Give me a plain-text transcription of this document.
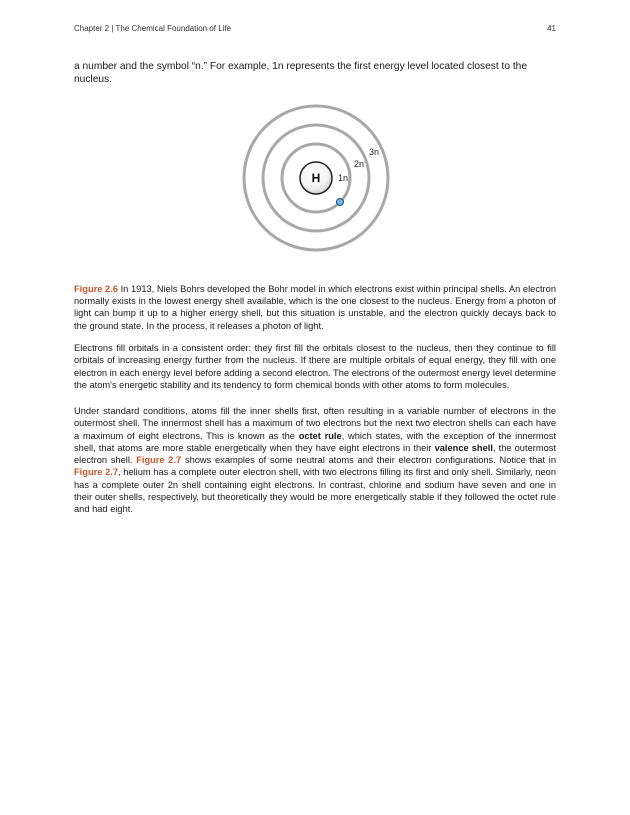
Chapter 2 | The Chemical Foundation of Life	41
a number and the symbol “n.” For example, 1n represents the first energy level located closest to the nucleus.
H 1n
2n
3n
Figure 2.6 In 1913, Niels Bohrs developed the Bohr model in which electrons exist within principal shells. An electron normally exists in the lowest energy shell available, which is the one closest to the nucleus. Energy from a photon of light can bump it up to a higher energy shell, but this situation is unstable, and the electron quickly decays back to the ground state. In the process, it releases a photon of light.

Electrons fill orbitals in a consistent order: they first fill the orbitals closest to the nucleus, then they continue to fill orbitals of increasing energy further from the nucleus. If there are multiple orbitals of equal energy, they fill with one electron in each energy level before adding a second electron. The electrons of the outermost energy level determine the atom's energetic stability and its tendency to form chemical bonds with other atoms to form molecules.

Under standard conditions, atoms fill the inner shells first, often resulting in a variable number of electrons in the outermost shell. The innermost shell has a maximum of two electrons but the next two electron shells can each have a maximum of eight electrons. This is known as the octet rule, which states, with the exception of the innermost shell, that atoms are more stable energetically when they have eight electrons in their valence shell, the outermost electron shell. Figure 2.7 shows examples of some neutral atoms and their electron configurations. Notice that in Figure 2.7, helium has a complete outer electron shell, with two electrons filling its first and only shell. Similarly, neon has a complete outer 2n shell containing eight electrons. In contrast, chlorine and sodium have seven and one in their outer shells, respectively, but theoretically they would be more energetically stable if they followed the octet rule and had eight.
